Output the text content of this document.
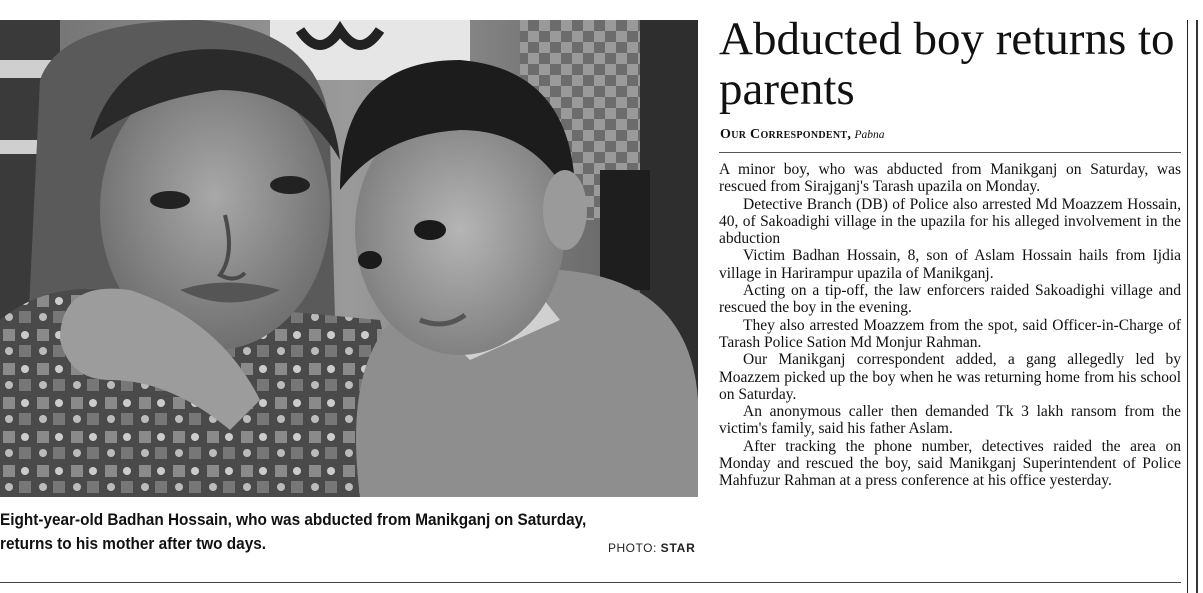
Eight-year-old Badhan Hossain, who was abducted from Manikganj on Saturday,
returns to his mother after two days.	PHOTO: STAR
Abducted boy returns to parents
Our Correspondent, Pabna

A minor boy, who was abducted from Manikganj on Saturday, was rescued from Sirajganj's Tarash upazila on Monday.

Detective Branch (DB) of Police also arrested Md Moazzem Hossain, 40, of Sakoadighi village in the upazila for his alleged involvement in the abduction

Victim Badhan Hossain, 8, son of Aslam Hossain hails from Ijdia village in Harirampur upazila of Manikganj.

Acting on a tip-off, the law enforcers raided Sakoadighi village and rescued the boy in the evening.

They also arrested Moazzem from the spot, said Officer-in-Charge of Tarash Police Sation Md Monjur Rahman.

Our Manikganj correspondent added, a gang allegedly led by Moazzem picked up the boy when he was returning home from his school on Saturday.

An anonymous caller then demanded Tk 3 lakh ransom from the victim's family, said his father Aslam.

After tracking the phone number, detectives raided the area on Monday and rescued the boy, said Manikganj Superintendent of Police Mahfuzur Rahman at a press conference at his office yesterday.
